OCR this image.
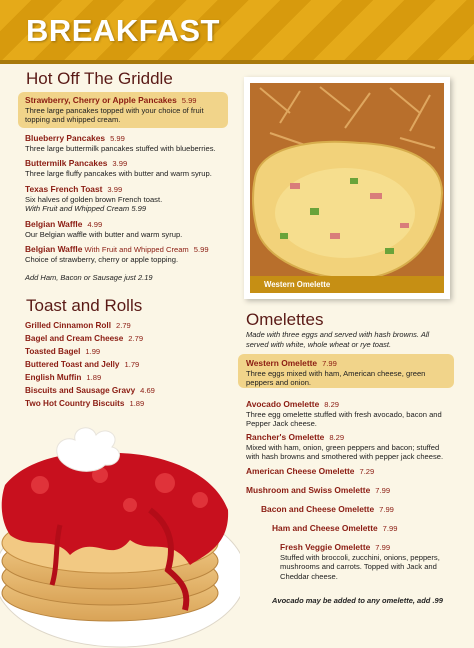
BREAKFAST
Hot Off The Griddle
Strawberry, Cherry or Apple Pancakes 5.99
Three large pancakes topped with your choice of fruit topping and whipped cream.
Blueberry Pancakes 5.99
Three large buttermilk pancakes stuffed with blueberries.
Buttermilk Pancakes 3.99
Three large fluffy pancakes with butter and warm syrup.
Texas French Toast 3.99
Six halves of golden brown French toast.
With Fruit and Whipped Cream 5.99
Belgian Waffle 4.99
Our Belgian waffle with butter and warm syrup.
Belgian Waffle With Fruit and Whipped Cream 5.99
Choice of strawberry, cherry or apple topping.
Add Ham, Bacon or Sausage just 2.19
Toast and Rolls
Grilled Cinnamon Roll 2.79
Bagel and Cream Cheese 2.79
Toasted Bagel 1.99
Buttered Toast and Jelly 1.79
English Muffin 1.89
Biscuits and Sausage Gravy 4.69
Two Hot Country Biscuits 1.89
Western Omelette
Omelettes
Made with three eggs and served with hash browns. All served with white, whole wheat or rye toast.
Western Omelette 7.99
Three eggs mixed with ham, American cheese, green peppers and onion.
Avocado Omelette 8.29
Three egg omelette stuffed with fresh avocado, bacon and Pepper Jack cheese.
Rancher's Omelette 8.29
Mixed with ham, onion, green peppers and bacon; stuffed with hash browns and smothered with pepper jack cheese.
American Cheese Omelette 7.29
Mushroom and Swiss Omelette 7.99
Bacon and Cheese Omelette 7.99
Ham and Cheese Omelette 7.99
Fresh Veggie Omelette 7.99
Stuffed with broccoli, zucchini, onions, peppers, mushrooms and carrots. Topped with Jack and Cheddar cheese.
Avocado may be added to any omelette, add .99
